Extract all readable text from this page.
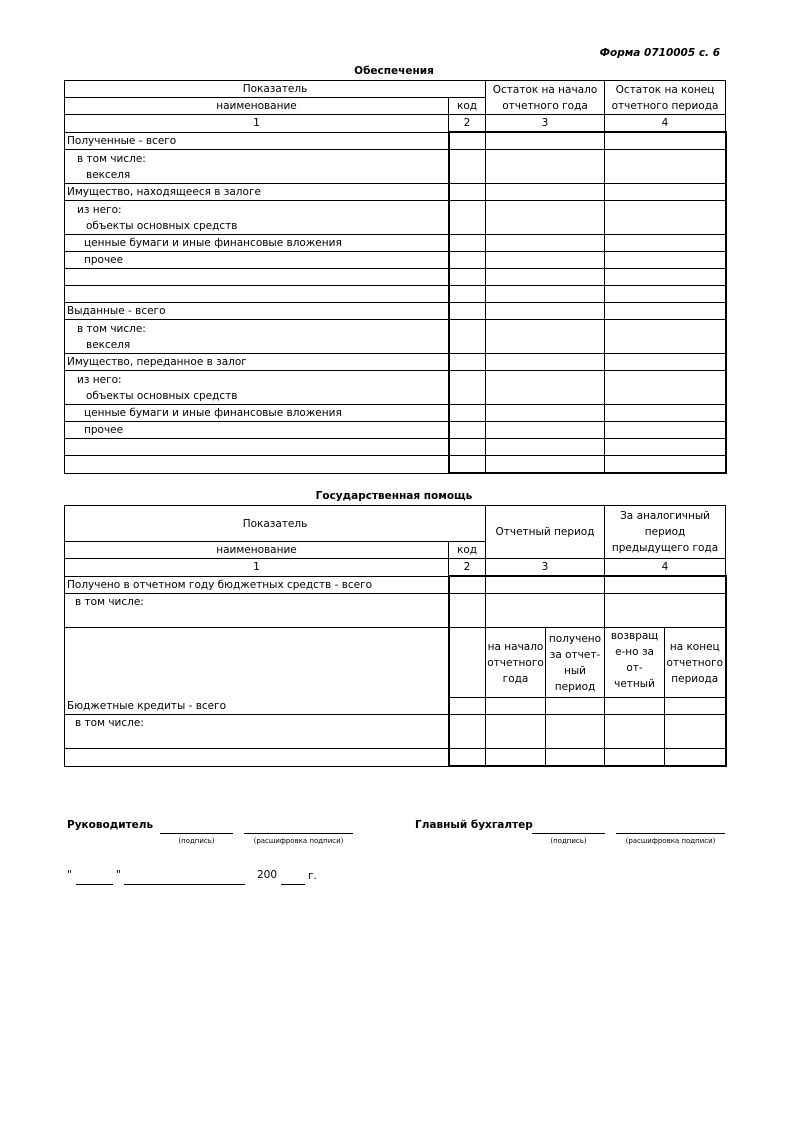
Форма 0710005 с. 6
Обеспечения
Показатель		Остаток на начало отчетного года	Остаток на конец отчетного периода
наименование	код		
1	2	3	4
Полученные - всего			

в том числе:
векселя			

Имущество, находящееся в залоге			

из него:
объекты основных средств			

ценные бумаги и иные финансовые вложения			
прочее			

Выданные - всего			

в том числе:
векселя			

Имущество, переданное в залог			

из него:
объекты основных средств			

ценные бумаги и иные финансовые вложения			
прочее			

Государственная помощь
Показатель		Отчетный период		За аналогичный период предыдущего года	
наименование	код				
1	2	3		4	
Получено в отчетном году бюджетных средств - всего					
в том числе:					
Бюджетные кредиты - всего		на начало отчетного года	получено за отчет-ный период	возвращ е-но за от-четный	на конец отчетного периода

в том числе:					

Руководитель
(подпись)	(расшифровка подписи)
Главный бухгалтер
(подпись)	(расшифровка подписи)
"	"	200	г.
